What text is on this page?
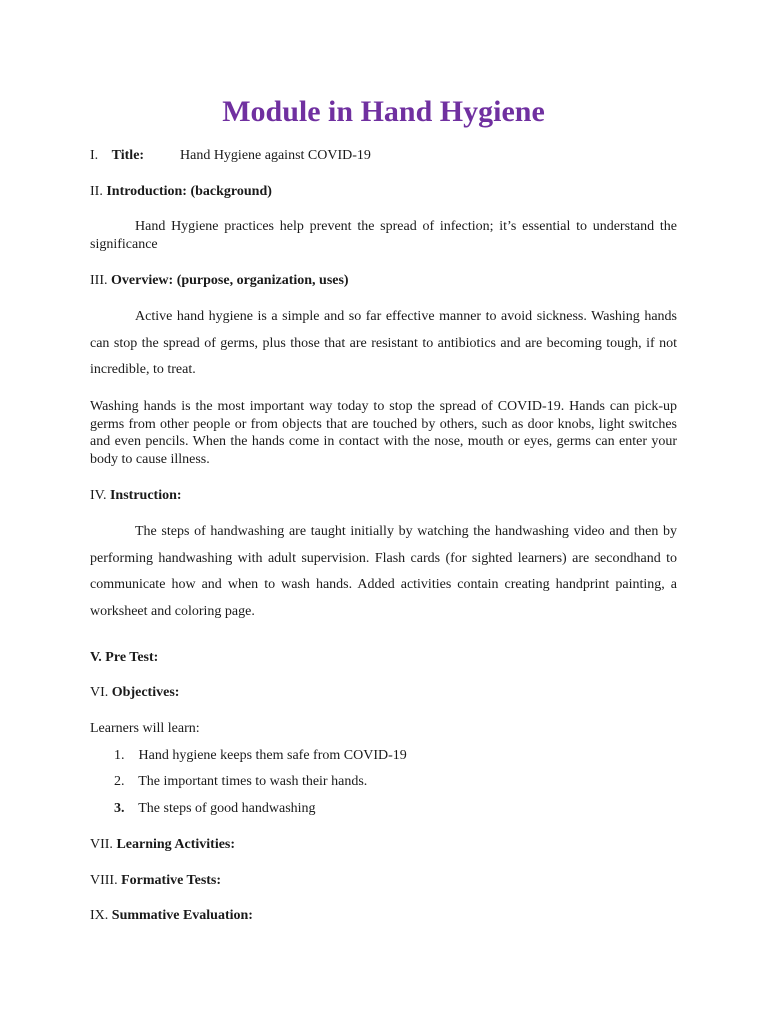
Module in Hand Hygiene
I. Title:	Hand Hygiene against COVID-19
II. Introduction: (background)
Hand Hygiene practices help prevent the spread of infection; it’s essential to understand the significance
III. Overview: (purpose, organization, uses)
Active hand hygiene is a simple and so far effective manner to avoid sickness. Washing hands can stop the spread of germs, plus those that are resistant to antibiotics and are becoming tough, if not incredible, to treat.
Washing hands is the most important way today to stop the spread of COVID-19. Hands can pick-up germs from other people or from objects that are touched by others, such as door knobs, light switches and even pencils. When the hands come in contact with the nose, mouth or eyes, germs can enter your body to cause illness.
IV. Instruction:
The steps of handwashing are taught initially by watching the handwashing video and then by performing handwashing with adult supervision. Flash cards (for sighted learners) are secondhand to communicate how and when to wash hands. Added activities contain creating handprint painting, a worksheet and coloring page.
V. Pre Test:
VI. Objectives:
Learners will learn:
1. Hand hygiene keeps them safe from COVID-19
2. The important times to wash their hands.
3. The steps of good handwashing
VII. Learning Activities:
VIII. Formative Tests:
IX. Summative Evaluation:
